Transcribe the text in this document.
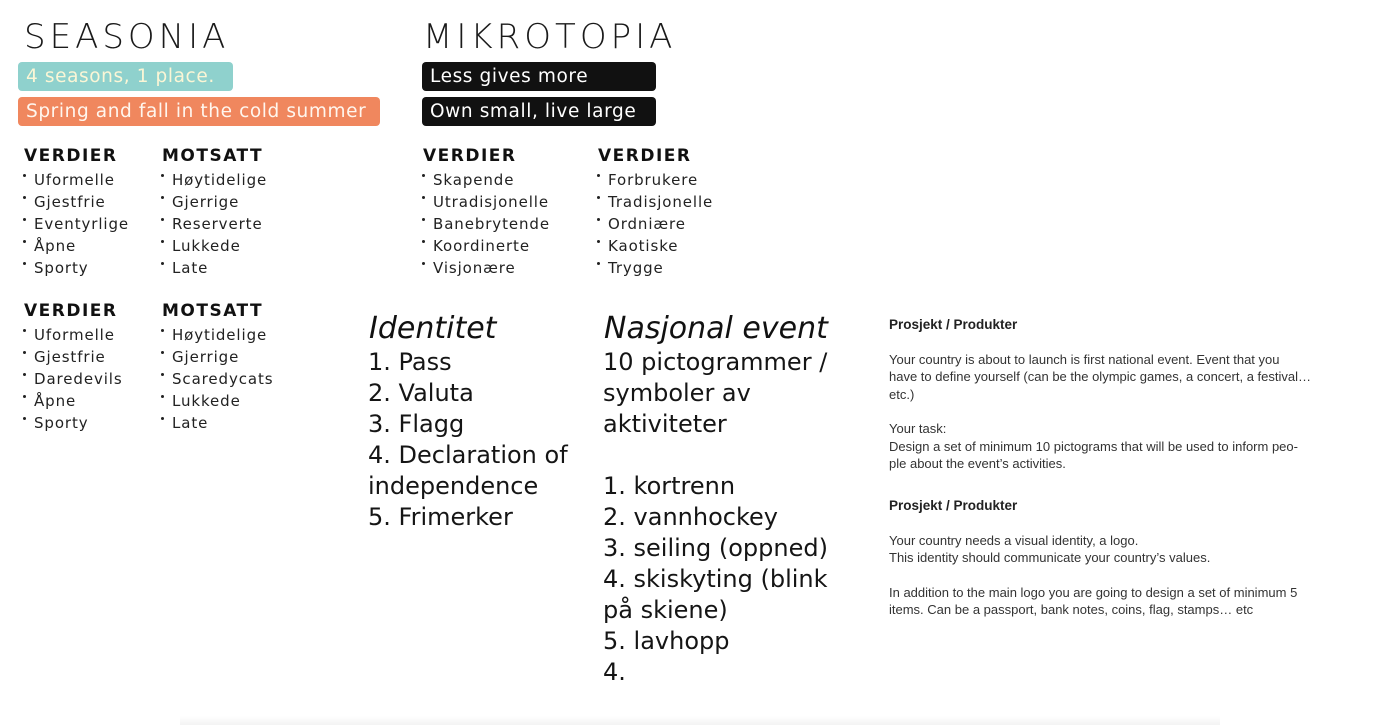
SEASONIA
4 seasons, 1 place.
Spring and fall in the cold summer
VERDIER
Uformelle
Gjestfrie
Eventyrlige
Åpne
Sporty
MOTSATT
Høytidelige
Gjerrige
Reserverte
Lukkede
Late
VERDIER
Uformelle
Gjestfrie
Daredevils
Åpne
Sporty
MOTSATT
Høytidelige
Gjerrige
Scaredycats
Lukkede
Late
MIKROTOPIA
Less gives more
Own small, live large
VERDIER
Skapende
Utradisjonelle
Banebrytende
Koordinerte
Visjonære
VERDIER
Forbrukere
Tradisjonelle
Ordniære
Kaotiske
Trygge
Identitet
1. Pass
2. Valuta
3. Flagg
4. Declaration of
independence
5. Frimerker
Nasjonal event
10 pictogrammer /
symboler av
aktiviteter
1. kortrenn
2. vannhockey
3. seiling (oppned)
4. skiskyting (blink
på skiene)
5. lavhopp
4.

Prosjekt / Produkter

Your country is about to launch is first national event. Event that you

have to define yourself (can be the olympic games, a concert, a festival…

etc.)

Your task:

Design a set of minimum 10 pictograms that will be used to inform peo-

ple about the event’s activities.

Prosjekt / Produkter

Your country needs a visual identity, a logo.

This identity should communicate your country’s values.

In addition to the main logo you are going to design a set of minimum 5

items. Can be a passport, bank notes, coins, flag, stamps… etc
